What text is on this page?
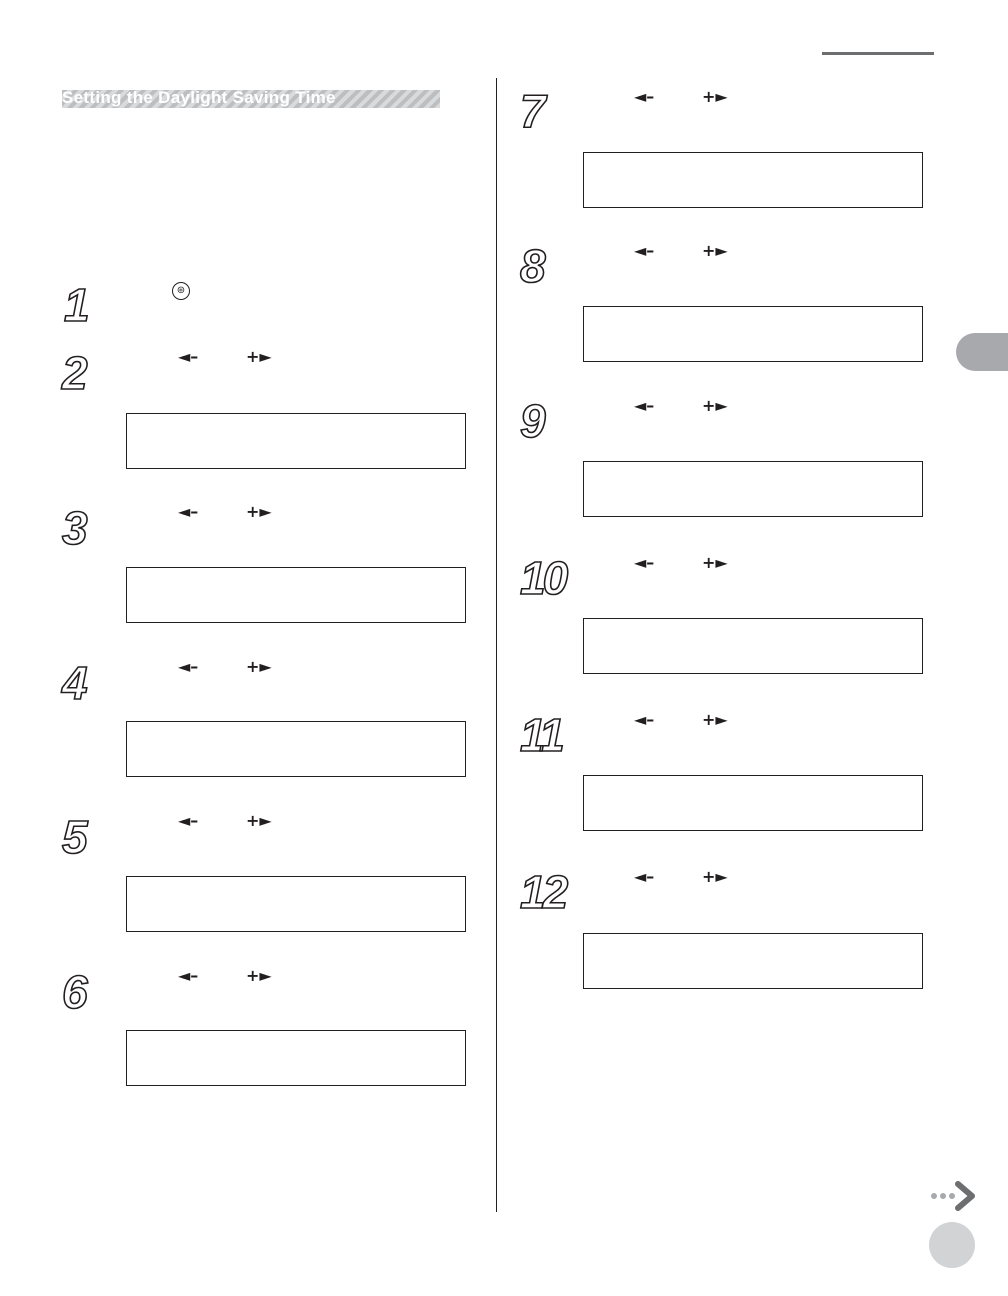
Setting the Daylight Saving Time
1	⊛
2	◄–	+►
3	◄–	+►
4	◄–	+►
5	◄–	+►
6	◄–	+►
7	◄–	+►
8	◄–	+►
9	◄–	+►
10	◄–	+►
11	◄–	+►
12	◄–	+►
